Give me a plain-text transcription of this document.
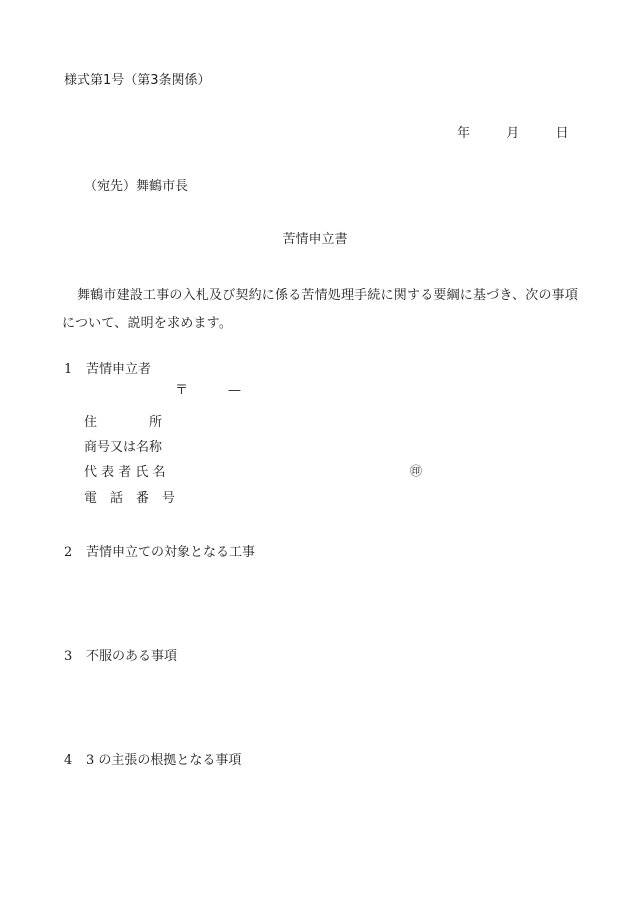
様式第1号（第3条関係）
年	月	日
（宛先）舞鶴市長
苦情申立書
舞鶴市建設工事の入札及び契約に係る苦情処理手続に関する要綱に基づき、次の事項について、説明を求めます。
1 苦情申立者
〒	—
住　　　　所
商号又は名称
代 表 者 氏 名	㊞
電　話　番　号
2 苦情申立ての対象となる工事
3 不服のある事項
4 3 の主張の根拠となる事項
